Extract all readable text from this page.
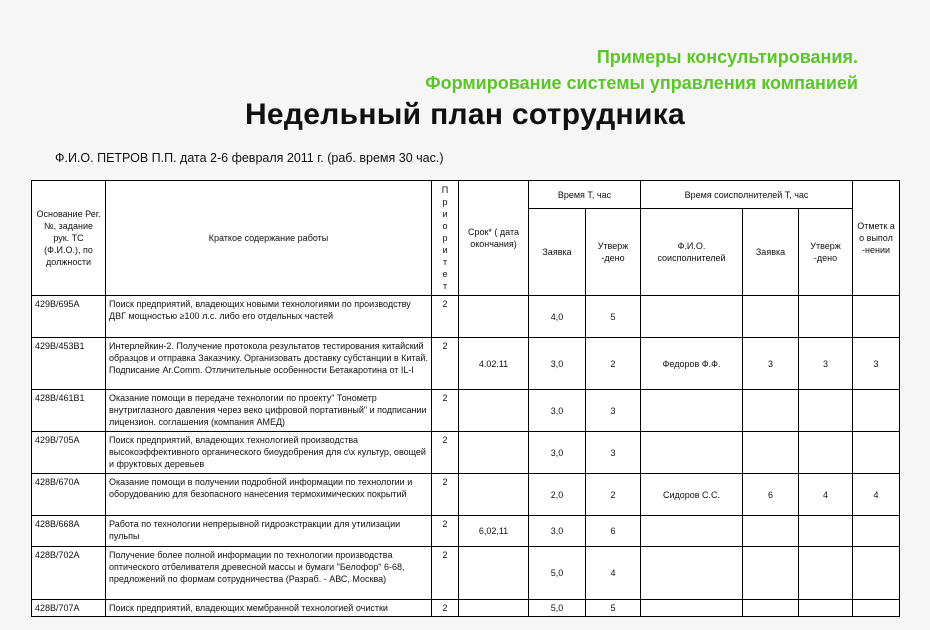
Примеры консультирования.
Формирование системы управления компанией
Недельный план сотрудника
Ф.И.О. ПЕТРОВ П.П. дата 2-6 февраля 2011 г. (раб. время 30 час.)
Основание Рег. №, задание рук. ТС (Ф.И.О.), по должности	Краткое содержание работы	Приоритет	Срок* ( дата окончания)	Время Т, час		Время соисполнителей Т, час			Отметк а о выпол -нении
				Заявка	Утверж -дено	Ф.И.О. соисполнителей	Заявка	Утверж -дено	
429В/695А	Поиск предприятий, владеющих новыми технологиями по производству ДВГ мощностью ≥100 л.с. либо его отдельных частей	2		4,0	5				
429В/453В1	Интерлейкин-2. Получение протокола результатов тестирования китайский образцов и отправка Заказчику. Организовать доставку субстанции в Китай. Подписание Ar.Comm. Отличительные особенности Бетакаротина от IL-I	2	4.02.11	3,0	2	Федоров Ф.Ф.	3	3	3
428В/461В1	Оказание помощи в передаче технологии по проекту" Тонометр внутриглазного давления через веко цифровой портативный" и подписании лицензион. соглашения (компания АМЕД)	2		3,0	3				
429В/705А	Поиск предприятий, владеющих технологией производства высокоэффективного органического биоудобрения для с\х культур, овощей и фруктовых деревьев	2		3,0	3				
428В/670А	Оказание помощи в получении подробной информации по технологии и оборудованию для безопасного нанесения термохимических покрытий	2		2,0	2	Сидоров С.С.	6	4	4
428В/668А	Работа по технологии непрерывной гидроэкстракции для утилизации пульпы	2	6,02,11	3,0	6				
428В/702А	Получение более полной информации по технологии производства оптического отбеливателя древесной массы и бумаги "Белофор" 6-68, предложений по формам сотрудничества (Разраб. - АВС, Москва)	2		5,0	4				
428В/707А	Поиск предприятий, владеющих мембранной технологией очистки	2		5,0	5				
